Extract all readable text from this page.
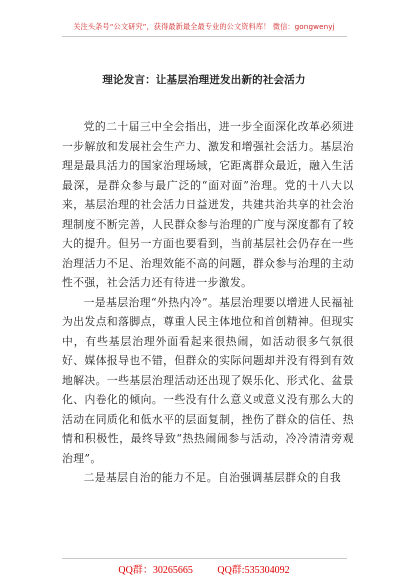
关注头条号“公文研究”，获得最新最全最专业的公文资料库！ 微信：gongwenyj
理论发言：让基层治理迸发出新的社会活力

党的二十届三中全会指出，进一步全面深化改革必须进一步解放和发展社会生产力、激发和增强社会活力。基层治理是最具活力的国家治理场域，它距离群众最近，融入生活最深，是群众参与最广泛的“面对面”治理。党的十八大以来，基层治理的社会活力日益迸发，共建共治共享的社会治理制度不断完善，人民群众参与治理的广度与深度都有了较大的提升。但另一方面也要看到，当前基层社会仍存在一些治理活力不足、治理效能不高的问题，群众参与治理的主动性不强，社会活力还有待进一步激发。

一是基层治理“外热内冷”。基层治理要以增进人民福祉为出发点和落脚点，尊重人民主体地位和首创精神。但现实中，有些基层治理外面看起来很热闹，如活动很多气氛很好、媒体报导也不错，但群众的实际问题却并没有得到有效地解决。一些基层治理活动还出现了娱乐化、形式化、盆景化、内卷化的倾向。一些没有什么意义或意义没有那么大的活动在同质化和低水平的层面复制，挫伤了群众的信任、热情和积极性，最终导致“热热闹闹参与活动，冷冷清清旁观治理”。

二是基层自治的能力不足。自治强调基层群众的自我

QQ群：30265665 QQ群:535304092
